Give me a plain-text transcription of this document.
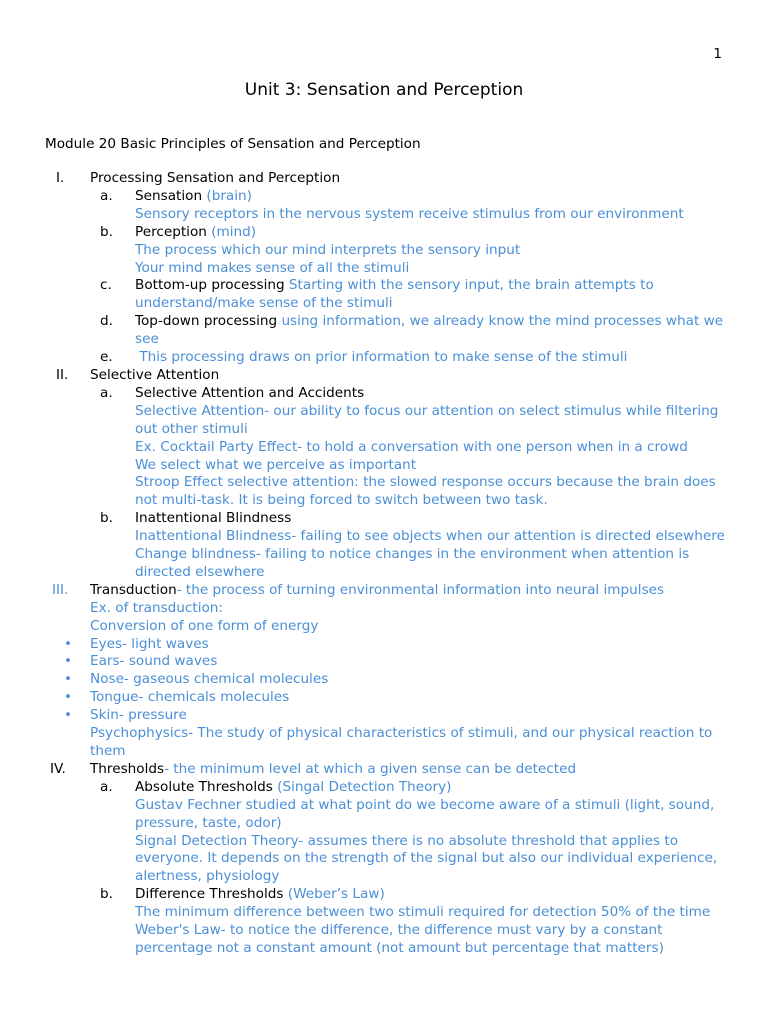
1
Unit 3: Sensation and Perception
Module 20 Basic Principles of Sensation and Perception
I. Processing Sensation and Perception
a. Sensation (brain)
Sensory receptors in the nervous system receive stimulus from our environment
b. Perception (mind)
The process which our mind interprets the sensory input
Your mind makes sense of all the stimuli
c. Bottom-up processing Starting with the sensory input, the brain attempts to understand/make sense of the stimuli
d. Top-down processing using information, we already know the mind processes what we see
e. This processing draws on prior information to make sense of the stimuli
II. Selective Attention
a. Selective Attention and Accidents
Selective Attention- our ability to focus our attention on select stimulus while filtering out other stimuli
Ex. Cocktail Party Effect- to hold a conversation with one person when in a crowd
We select what we perceive as important
Stroop Effect selective attention: the slowed response occurs because the brain does not multi-task. It is being forced to switch between two task.
b. Inattentional Blindness
Inattentional Blindness- failing to see objects when our attention is directed elsewhere
Change blindness- failing to notice changes in the environment when attention is directed elsewhere
III. Transduction- the process of turning environmental information into neural impulses
Ex. of transduction:
Conversion of one form of energy
• Eyes- light waves
• Ears- sound waves
• Nose- gaseous chemical molecules
• Tongue- chemicals molecules
• Skin- pressure
Psychophysics- The study of physical characteristics of stimuli, and our physical reaction to them
IV. Thresholds- the minimum level at which a given sense can be detected
a. Absolute Thresholds (Singal Detection Theory)
Gustav Fechner studied at what point do we become aware of a stimuli (light, sound, pressure, taste, odor)
Signal Detection Theory- assumes there is no absolute threshold that applies to everyone. It depends on the strength of the signal but also our individual experience, alertness, physiology
b. Difference Thresholds (Weber’s Law)
The minimum difference between two stimuli required for detection 50% of the time
Weber's Law- to notice the difference, the difference must vary by a constant percentage not a constant amount (not amount but percentage that matters)
